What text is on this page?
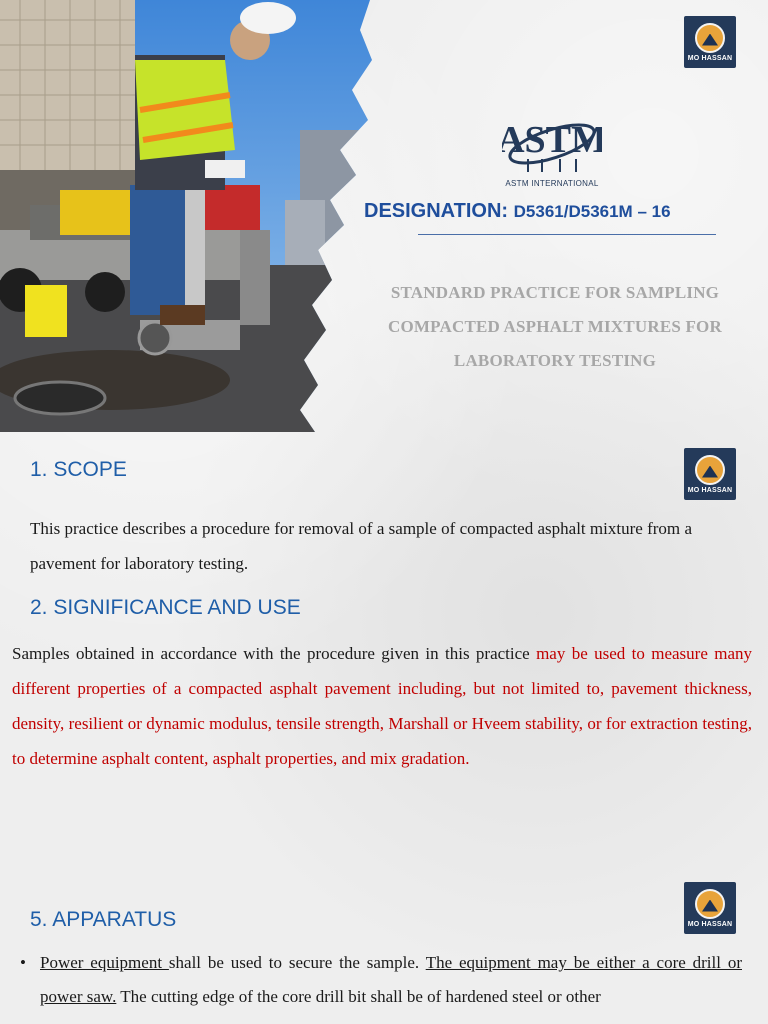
MO HASSAN
ASTM
ASTM INTERNATIONAL
DESIGNATION: D5361/D5361M – 16
STANDARD PRACTICE FOR SAMPLING
COMPACTED ASPHALT MIXTURES FOR
LABORATORY TESTING
1. SCOPE
MO HASSAN
This practice describes a procedure for removal of a sample of compacted asphalt mixture from a pavement for laboratory testing.
2. SIGNIFICANCE AND USE
Samples obtained in accordance with the procedure given in this practice may be used to measure many different properties of a compacted asphalt pavement including, but not limited to, pavement thickness, density, resilient or dynamic modulus, tensile strength, Marshall or Hveem stability, or for extraction testing, to determine asphalt content, asphalt properties, and mix gradation.
5. APPARATUS	MO HASSAN
• Power equipment shall be used to secure the sample. The equipment may be either a core drill or power saw. The cutting edge of the core drill bit shall be of hardened steel or other
